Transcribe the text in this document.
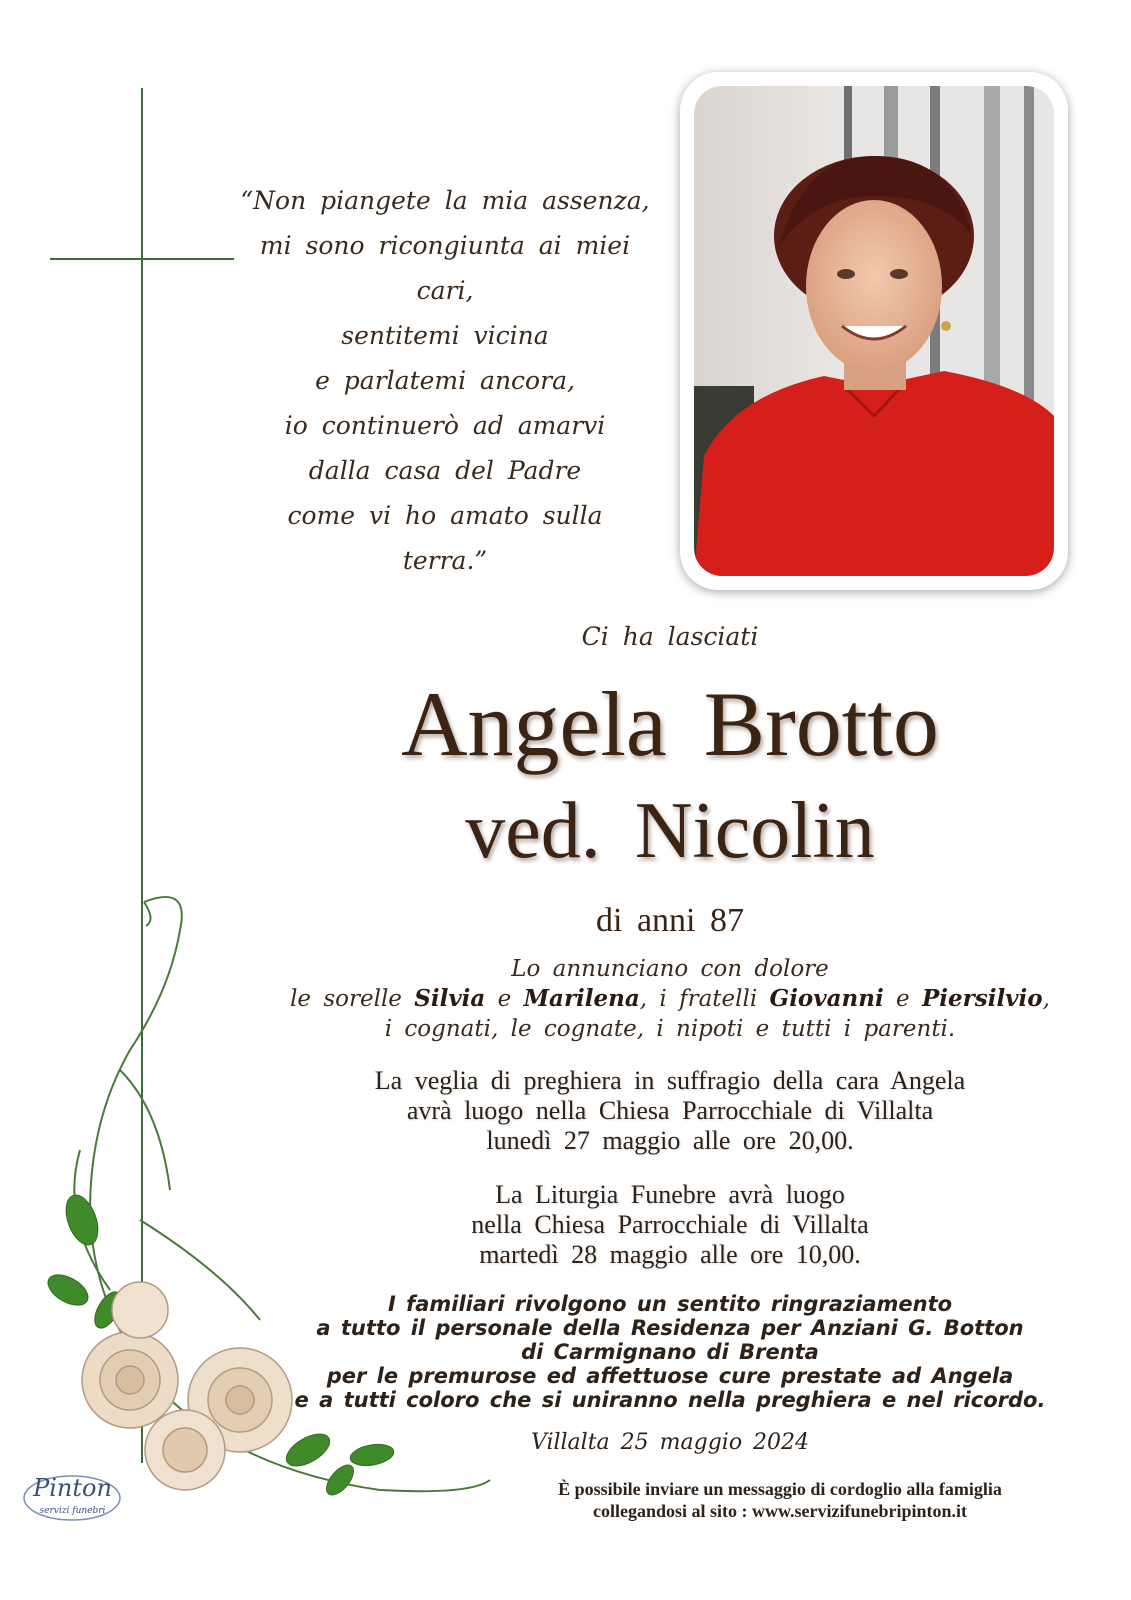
“Non piangete la mia assenza,
mi sono ricongiunta ai miei cari,
sentitemi vicina
e parlatemi ancora,
io continuerò ad amarvi
dalla casa del Padre
come vi ho amato sulla terra.”
Ci ha lasciati
Angela Brotto
ved. Nicolin
di anni 87
Lo annunciano con dolore
le sorelle Silvia e Marilena, i fratelli Giovanni e Piersilvio,
i cognati, le cognate, i nipoti e tutti i parenti.
La veglia di preghiera in suffragio della cara Angela
avrà luogo nella Chiesa Parrocchiale di Villalta
lunedì 27 maggio alle ore 20,00.
La Liturgia Funebre avrà luogo
nella Chiesa Parrocchiale di Villalta
martedì 28 maggio alle ore 10,00.
I familiari rivolgono un sentito ringraziamento
a tutto il personale della Residenza per Anziani G. Botton
di Carmignano di Brenta
per le premurose ed affettuose cure prestate ad Angela
e a tutti coloro che si uniranno nella preghiera e nel ricordo.
Villalta 25 maggio 2024
È possibile inviare un messaggio di cordoglio alla famiglia
collegandosi al sito : www.servizifunebripinton.it
Pinton
servizi funebri
